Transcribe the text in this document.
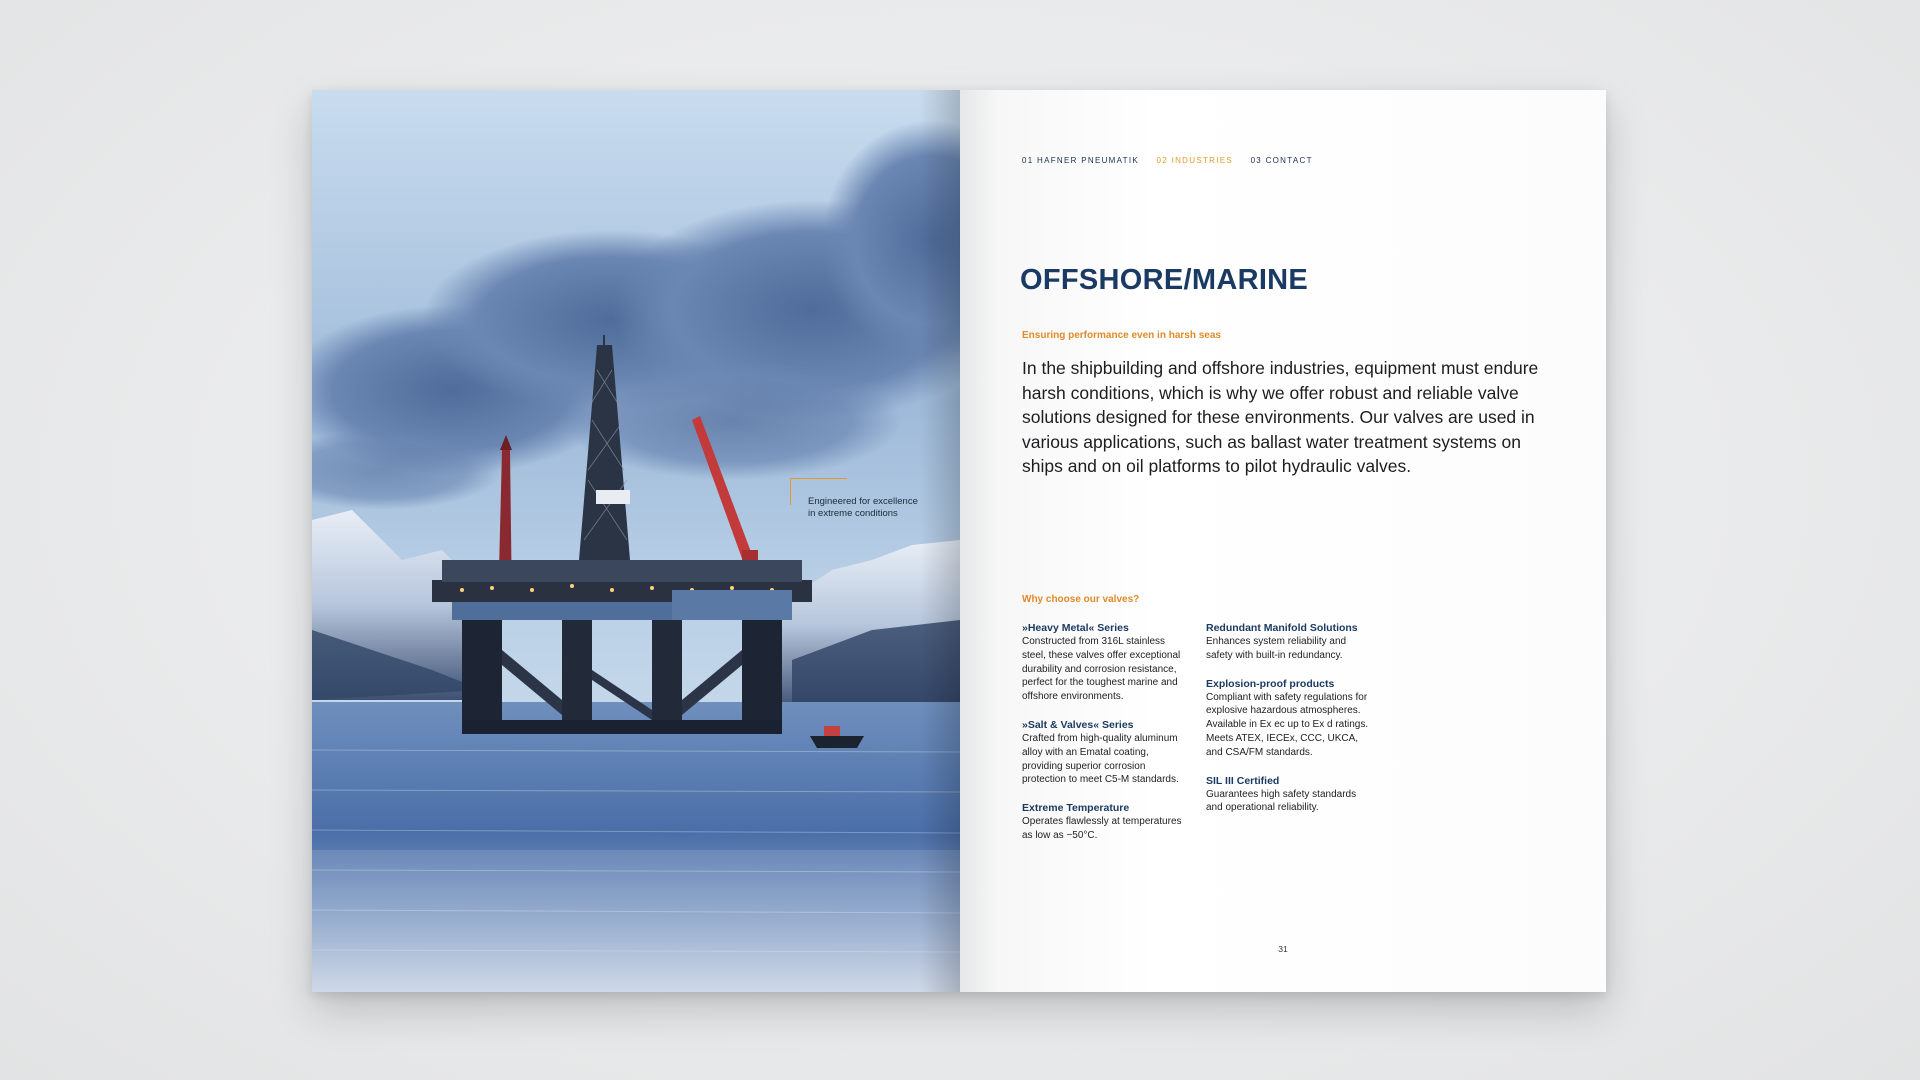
Engineered for excellence in extreme conditions
01 HAFNER PNEUMATIK 02 INDUSTRIES 03 CONTACT
OFFSHORE/MARINE
Ensuring performance even in harsh seas

In the shipbuilding and offshore industries, equipment must endure harsh conditions, which is why we offer robust and reliable valve solutions designed for these environments. Our valves are used in various applications, such as ballast water treatment systems on ships and on oil platforms to pilot hydraulic valves.

Why choose our valves?
»Heavy Metal« Series
Constructed from 316L stainless steel, these valves offer exceptional durability and corrosion resistance, perfect for the toughest marine and offshore environments.
»Salt & Valves« Series
Crafted from high-quality aluminum alloy with an Ematal coating, providing superior corrosion protection to meet C5-M standards.
Extreme Temperature
Operates flawlessly at temperatures as low as −50°C.
Redundant Manifold Solutions
Enhances system reliability and safety with built-in redundancy.
Explosion-proof products
Compliant with safety regulations for explosive hazardous atmospheres. Available in Ex ec up to Ex d ratings. Meets ATEX, IECEx, CCC, UKCA, and CSA/FM standards.
SIL III Certified
Guarantees high safety standards and operational reliability.
31
